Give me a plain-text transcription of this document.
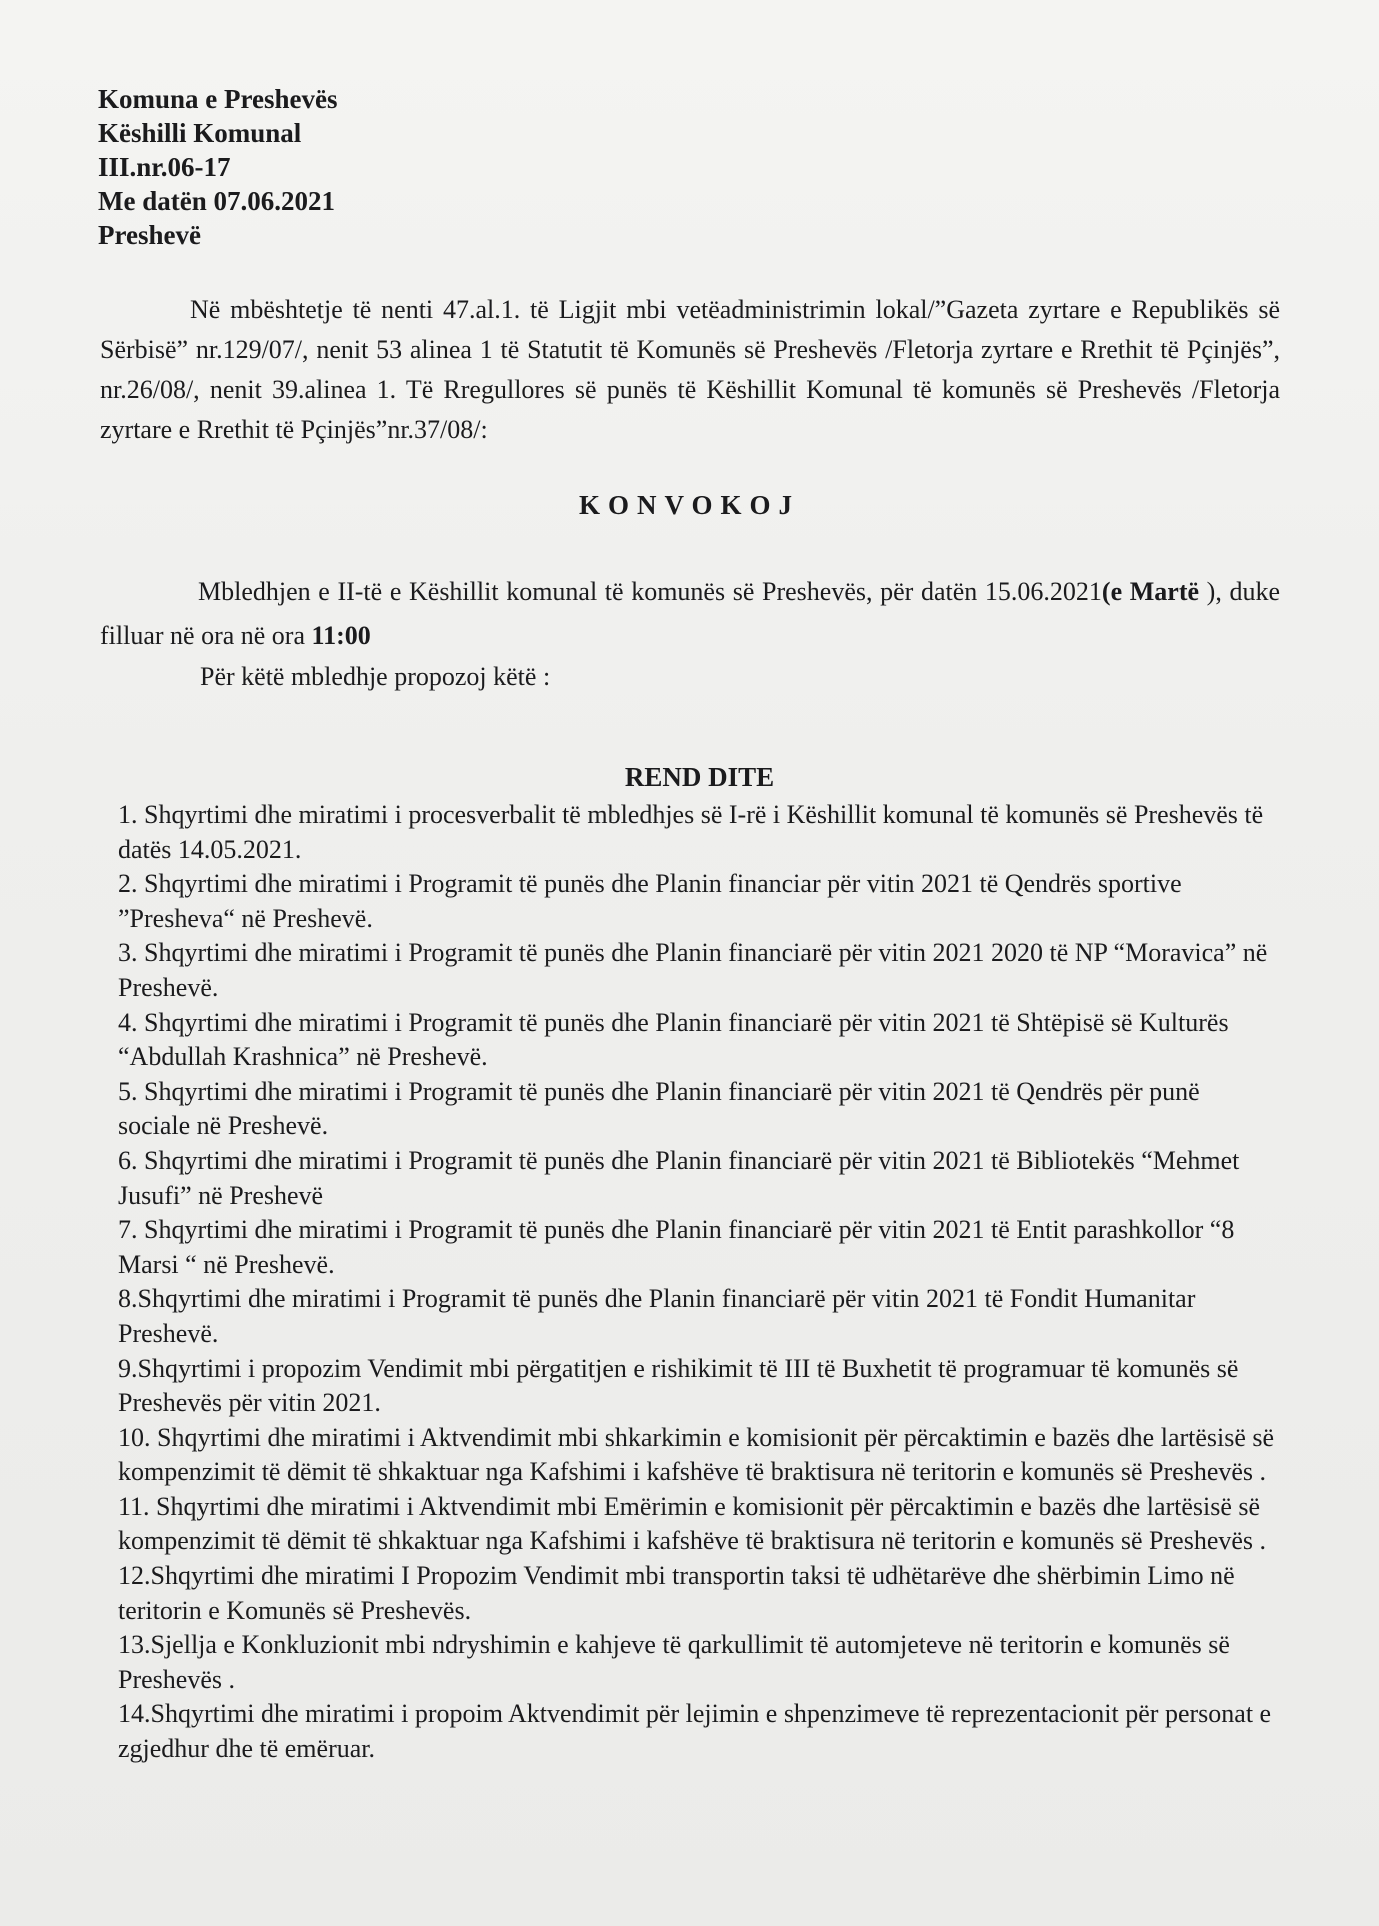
Komuna e Preshevës
Këshilli Komunal
III.nr.06-17
Me datën 07.06.2021
Preshevë
Në mbështetje të nenti 47.al.1. të Ligjit mbi vetëadministrimin lokal/”Gazeta zyrtare e Republikës së Sërbisë” nr.129/07/, nenit 53 alinea 1 të Statutit të Komunës së Preshevës /Fletorja zyrtare e Rrethit të Pçinjës”, nr.26/08/, nenit 39.alinea 1. Të Rregullores së punës të Këshillit Komunal të komunës së Preshevës /Fletorja zyrtare e Rrethit të Pçinjës”nr.37/08/:
KONVOKOJ
Mbledhjen e II-të e Këshillit komunal të komunës së Preshevës, për datën 15.06.2021(e Martë ), duke filluar në ora në ora 11:00
Për këtë mbledhje propozoj këtë :
REND DITE

1. Shqyrtimi dhe miratimi i procesverbalit të mbledhjes së I-rë i Këshillit komunal të komunës së Preshevës të datës 14.05.2021.

2. Shqyrtimi dhe miratimi i Programit të punës dhe Planin financiar për vitin 2021 të Qendrës sportive ”Presheva“ në Preshevë.

3. Shqyrtimi dhe miratimi i Programit të punës dhe Planin financiarë për vitin 2021 2020 të NP “Moravica” në Preshevë.

4. Shqyrtimi dhe miratimi i Programit të punës dhe Planin financiarë për vitin 2021 të Shtëpisë së Kulturës “Abdullah Krashnica” në Preshevë.

5. Shqyrtimi dhe miratimi i Programit të punës dhe Planin financiarë për vitin 2021 të Qendrës për punë sociale në Preshevë.

6. Shqyrtimi dhe miratimi i Programit të punës dhe Planin financiarë për vitin 2021 të Bibliotekës “Mehmet Jusufi” në Preshevë

7. Shqyrtimi dhe miratimi i Programit të punës dhe Planin financiarë për vitin 2021 të Entit parashkollor “8 Marsi “ në Preshevë.

8.Shqyrtimi dhe miratimi i Programit të punës dhe Planin financiarë për vitin 2021 të Fondit Humanitar Preshevë.

9.Shqyrtimi i propozim Vendimit mbi përgatitjen e rishikimit të III të Buxhetit të programuar të komunës së Preshevës për vitin 2021.

10. Shqyrtimi dhe miratimi i Aktvendimit mbi shkarkimin e komisionit për përcaktimin e bazës dhe lartësisë së kompenzimit të dëmit të shkaktuar nga Kafshimi i kafshëve të braktisura në teritorin e komunës së Preshevës .

11. Shqyrtimi dhe miratimi i Aktvendimit mbi Emërimin e komisionit për përcaktimin e bazës dhe lartësisë së kompenzimit të dëmit të shkaktuar nga Kafshimi i kafshëve të braktisura në teritorin e komunës së Preshevës .

12.Shqyrtimi dhe miratimi I Propozim Vendimit mbi transportin taksi të udhëtarëve dhe shërbimin Limo në teritorin e Komunës së Preshevës.

13.Sjellja e Konkluzionit mbi ndryshimin e kahjeve të qarkullimit të automjeteve në teritorin e komunës së Preshevës .

14.Shqyrtimi dhe miratimi i propoim Aktvendimit për lejimin e shpenzimeve të reprezentacionit për personat e zgjedhur dhe të emëruar.
